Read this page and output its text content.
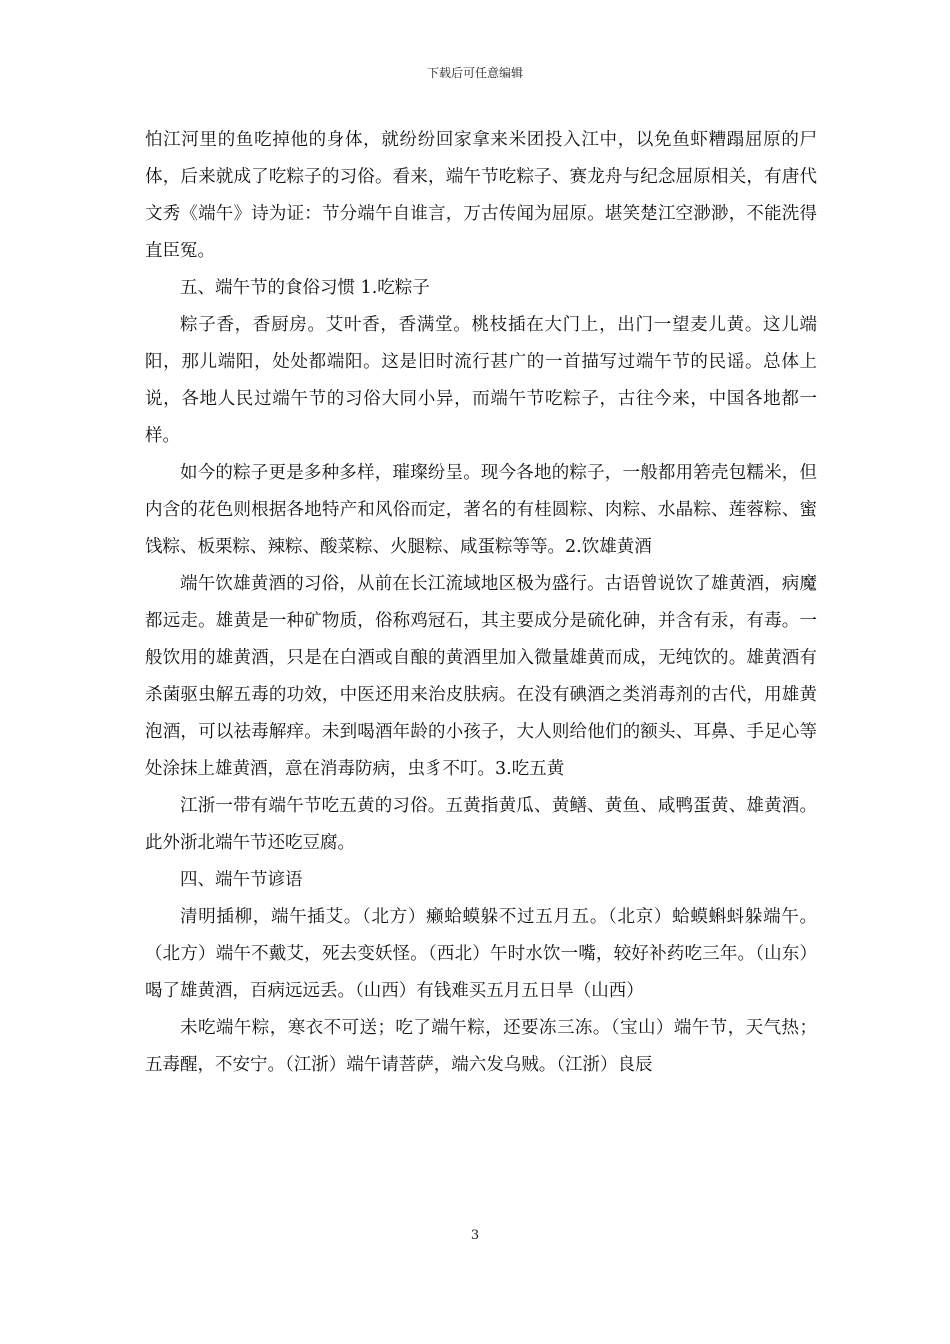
下载后可任意编辑

怕江河里的鱼吃掉他的身体，就纷纷回家拿来米团投入江中，以免鱼虾糟蹋屈原的尸体，后来就成了吃粽子的习俗。看来，端午节吃粽子、赛龙舟与纪念屈原相关，有唐代文秀《端午》诗为证：节分端午自谁言，万古传闻为屈原。堪笑楚江空渺渺，不能洗得直臣冤。

五、端午节的食俗习惯 1.吃粽子

粽子香，香厨房。艾叶香，香满堂。桃枝插在大门上，出门一望麦儿黄。这儿端阳，那儿端阳，处处都端阳。这是旧时流行甚广的一首描写过端午节的民谣。总体上说，各地人民过端午节的习俗大同小异，而端午节吃粽子，古往今来，中国各地都一样。

如今的粽子更是多种多样，璀璨纷呈。现今各地的粽子，一般都用箬壳包糯米，但内含的花色则根据各地特产和风俗而定，著名的有桂圆粽、肉粽、水晶粽、莲蓉粽、蜜饯粽、板栗粽、辣粽、酸菜粽、火腿粽、咸蛋粽等等。2.饮雄黄酒

端午饮雄黄酒的习俗，从前在长江流域地区极为盛行。古语曾说饮了雄黄酒，病魔都远走。雄黄是一种矿物质，俗称鸡冠石，其主要成分是硫化砷，并含有汞，有毒。一般饮用的雄黄酒，只是在白酒或自酿的黄酒里加入微量雄黄而成，无纯饮的。雄黄酒有杀菌驱虫解五毒的功效，中医还用来治皮肤病。在没有碘酒之类消毒剂的古代，用雄黄泡酒，可以祛毒解痒。未到喝酒年龄的小孩子，大人则给他们的额头、耳鼻、手足心等处涂抹上雄黄酒，意在消毒防病，虫豸不叮。3.吃五黄

江浙一带有端午节吃五黄的习俗。五黄指黄瓜、黄鳝、黄鱼、咸鸭蛋黄、雄黄酒。此外浙北端午节还吃豆腐。

四、端午节谚语

清明插柳，端午插艾。（北方）癞蛤蟆躲不过五月五。（北京）蛤蟆蝌蚪躲端午。（北方）端午不戴艾，死去变妖怪。（西北）午时水饮一嘴，较好补药吃三年。（山东）喝了雄黄酒，百病远远丢。（山西）有钱难买五月五日旱（山西）

未吃端午粽，寒衣不可送；吃了端午粽，还要冻三冻。（宝山）端午节，天气热；五毒醒，不安宁。（江浙）端午请菩萨，端六发乌贼。（江浙）良辰

3
